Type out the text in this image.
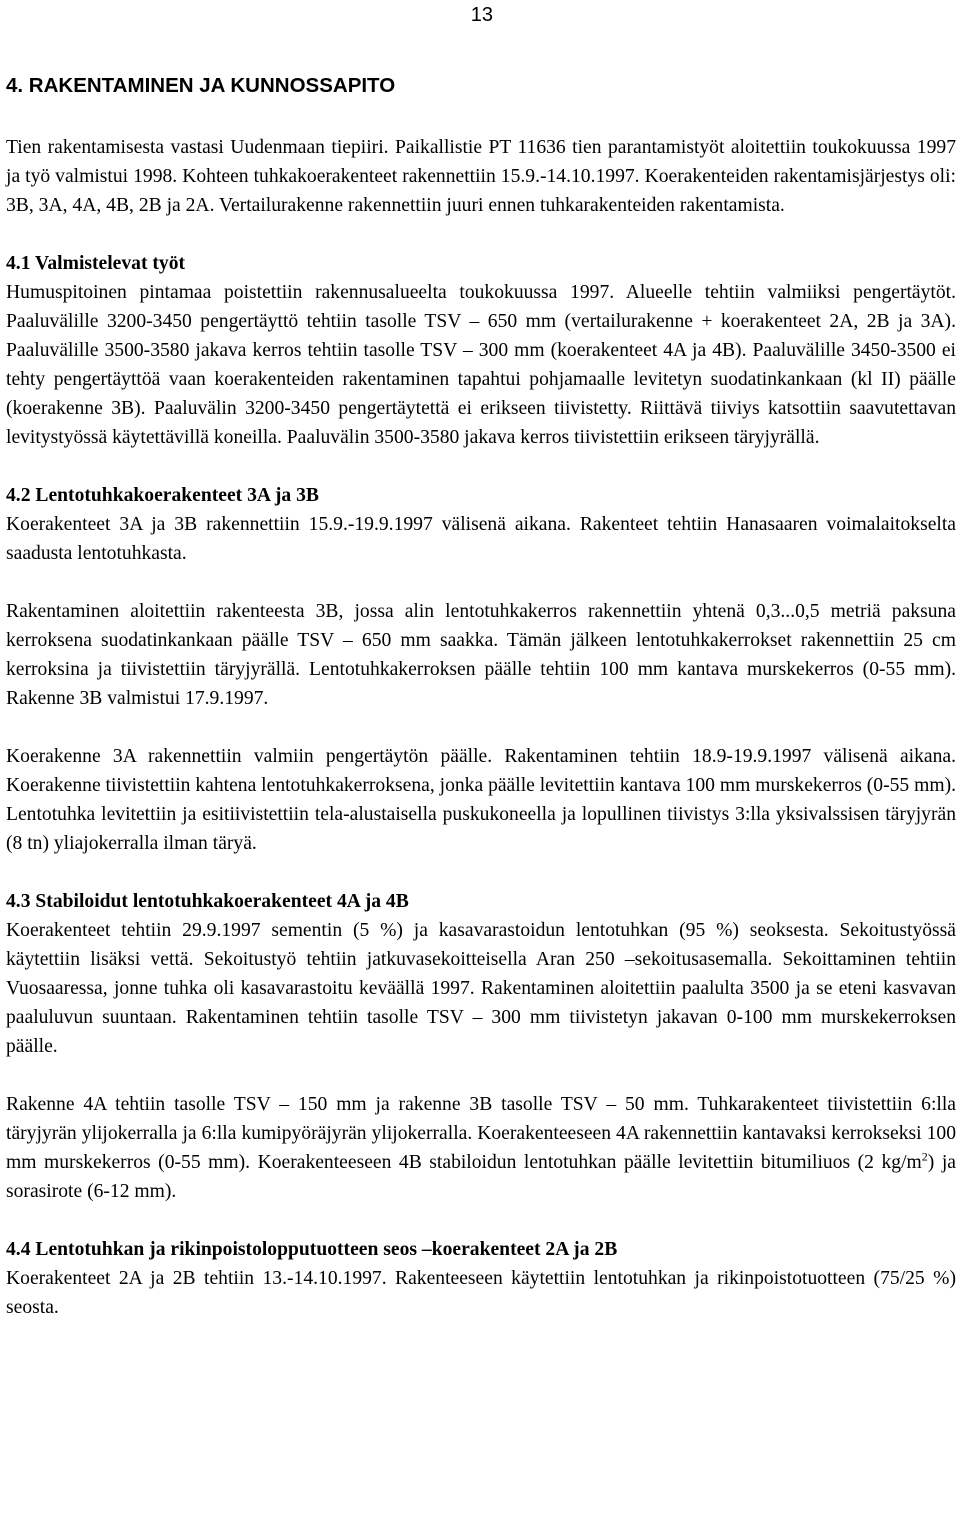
13
4. RAKENTAMINEN JA KUNNOSSAPITO

Tien rakentamisesta vastasi Uudenmaan tiepiiri. Paikallistie PT 11636 tien parantamistyöt aloitettiin toukokuussa 1997 ja työ valmistui 1998. Kohteen tuhkakoerakenteet rakennettiin 15.9.-14.10.1997. Koerakenteiden rakentamisjärjestys oli: 3B, 3A, 4A, 4B, 2B ja 2A. Vertailurakenne rakennettiin juuri ennen tuhkarakenteiden rakentamista.

4.1 Valmistelevat työt

Humuspitoinen pintamaa poistettiin rakennusalueelta toukokuussa 1997. Alueelle tehtiin valmiiksi pengertäytöt. Paaluvälille 3200-3450 pengertäyttö tehtiin tasolle TSV – 650 mm (vertailurakenne + koerakenteet 2A, 2B ja 3A). Paaluvälille 3500-3580 jakava kerros tehtiin tasolle TSV – 300 mm (koerakenteet 4A ja 4B). Paaluvälille 3450-3500 ei tehty pengertäyttöä vaan koerakenteiden rakentaminen tapahtui pohjamaalle levitetyn suodatinkankaan (kl II) päälle (koerakenne 3B). Paaluvälin 3200-3450 pengertäytettä ei erikseen tiivistetty. Riittävä tiiviys katsottiin saavutettavan levitystyössä käytettävillä koneilla. Paaluvälin 3500-3580 jakava kerros tiivistettiin erikseen täryjyrällä.

4.2 Lentotuhkakoerakenteet 3A ja 3B

Koerakenteet 3A ja 3B rakennettiin 15.9.-19.9.1997 välisenä aikana. Rakenteet tehtiin Hanasaaren voimalaitokselta saadusta lentotuhkasta.

Rakentaminen aloitettiin rakenteesta 3B, jossa alin lentotuhkakerros rakennettiin yhtenä 0,3...0,5 metriä paksuna kerroksena suodatinkankaan päälle TSV – 650 mm saakka. Tämän jälkeen lentotuhkakerrokset rakennettiin 25 cm kerroksina ja tiivistettiin täryjyrällä. Lentotuhkakerroksen päälle tehtiin 100 mm kantava murskekerros (0-55 mm). Rakenne 3B valmistui 17.9.1997.

Koerakenne 3A rakennettiin valmiin pengertäytön päälle. Rakentaminen tehtiin 18.9-19.9.1997 välisenä aikana. Koerakenne tiivistettiin kahtena lentotuhkakerroksena, jonka päälle levitettiin kantava 100 mm murskekerros (0-55 mm). Lentotuhka levitettiin ja esitiivistettiin tela-alustaisella puskukoneella ja lopullinen tiivistys 3:lla yksivalssisen täryjyrän (8 tn) yliajokerralla ilman täryä.

4.3 Stabiloidut lentotuhkakoerakenteet 4A ja 4B

Koerakenteet tehtiin 29.9.1997 sementin (5 %) ja kasavarastoidun lentotuhkan (95 %) seoksesta. Sekoitustyössä käytettiin lisäksi vettä. Sekoitustyö tehtiin jatkuvasekoitteisella Aran 250 –sekoitusasemalla. Sekoittaminen tehtiin Vuosaaressa, jonne tuhka oli kasavarastoitu keväällä 1997. Rakentaminen aloitettiin paalulta 3500 ja se eteni kasvavan paaluluvun suuntaan. Rakentaminen tehtiin tasolle TSV – 300 mm tiivistetyn jakavan 0-100 mm murskekerroksen päälle.

Rakenne 4A tehtiin tasolle TSV – 150 mm ja rakenne 3B tasolle TSV – 50 mm. Tuhkarakenteet tiivistettiin 6:lla täryjyrän ylijokerralla ja 6:lla kumipyöräjyrän ylijokerralla. Koerakenteeseen 4A rakennettiin kantavaksi kerrokseksi 100 mm murskekerros (0-55 mm). Koerakenteeseen 4B stabiloidun lentotuhkan päälle levitettiin bitumiliuos (2 $kg/m^2$) ja sorasirote (6-12 mm).

4.4 Lentotuhkan ja rikinpoistolopputuotteen seos –koerakenteet 2A ja 2B

Koerakenteet 2A ja 2B tehtiin 13.-14.10.1997. Rakenteeseen käytettiin lentotuhkan ja rikinpoistotuotteen (75/25 %) seosta.
